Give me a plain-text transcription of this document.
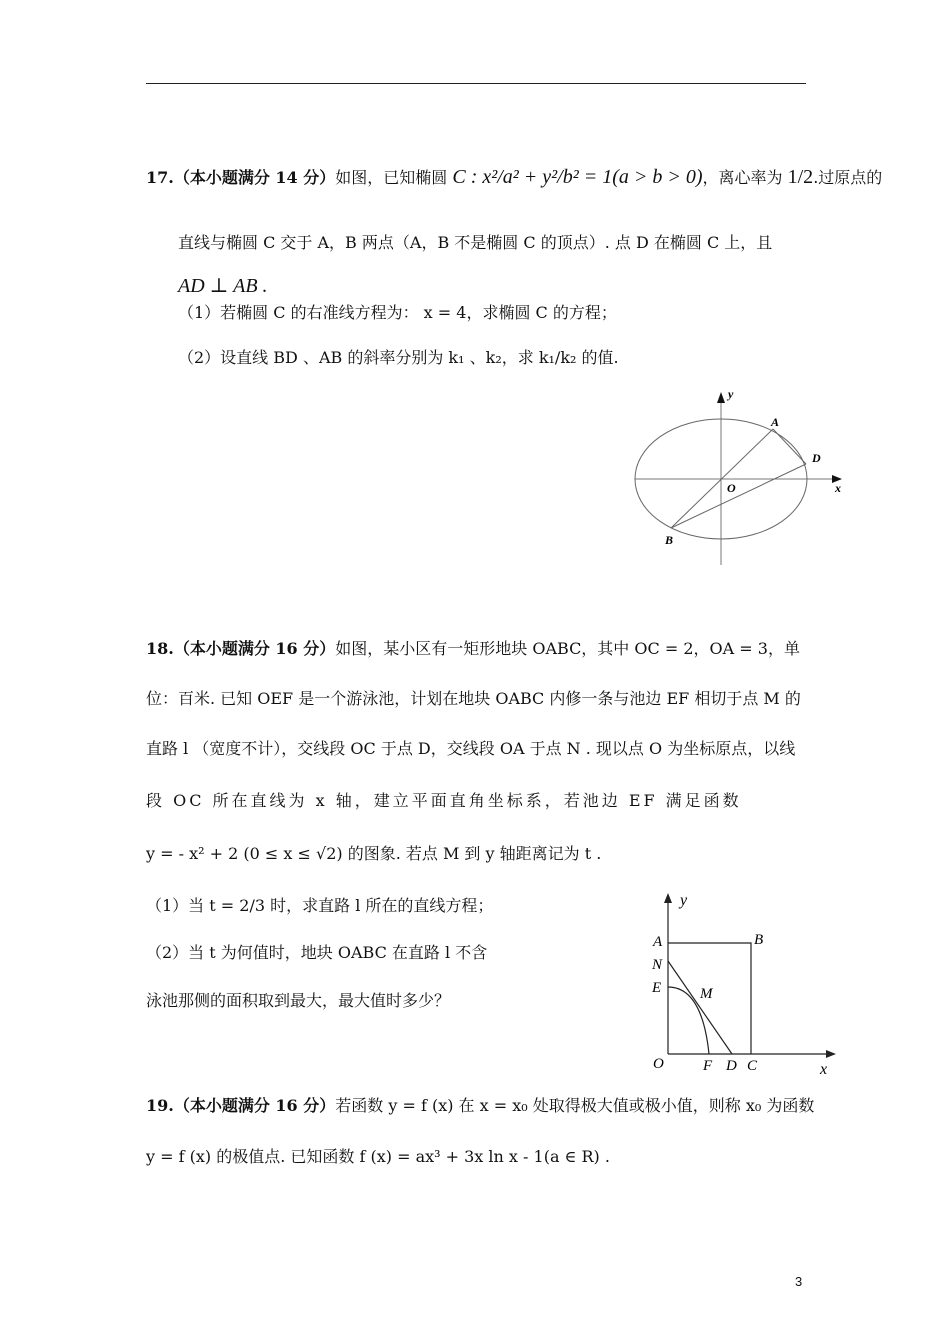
17.（本小题满分 14 分）如图，已知椭圆 C : x²/a² + y²/b² = 1(a > b > 0)，离心率为 1/2.过原点的
直线与椭圆 C 交于 A，B 两点（A，B 不是椭圆 C 的顶点）. 点 D 在椭圆 C 上，且
AD ⊥ AB .
（1）若椭圆 C 的右准线方程为： x = 4，求椭圆 C 的方程；
（2）设直线 BD 、AB 的斜率分别为 k₁ 、k₂，求 k₁/k₂ 的值.
y
x
O
A
B
D
18.（本小题满分 16 分）如图，某小区有一矩形地块 OABC，其中 OC = 2，OA = 3，单
位：百米. 已知 OEF 是一个游泳池，计划在地块 OABC 内修一条与池边 EF 相切于点 M 的
直路 l （宽度不计），交线段 OC 于点 D，交线段 OA 于点 N . 现以点 O 为坐标原点，以线
段 OC 所在直线为 x 轴，建立平面直角坐标系，若池边 EF 满足函数
y = - x² + 2 (0 ≤ x ≤ √2) 的图象. 若点 M 到 y 轴距离记为 t .
（1）当 t = 2/3 时，求直路 l 所在的直线方程；
（2）当 t 为何值时，地块 OABC 在直路 l 不含
泳池那侧的面积取到最大，最大值时多少？
y
x
O
A	B
C
D
E
F
N
M
19.（本小题满分 16 分）若函数 y = f (x) 在 x = x₀ 处取得极大值或极小值，则称 x₀ 为函数
y = f (x) 的极值点. 已知函数 f (x) = ax³ + 3x ln x - 1(a ∈ R) .
3
